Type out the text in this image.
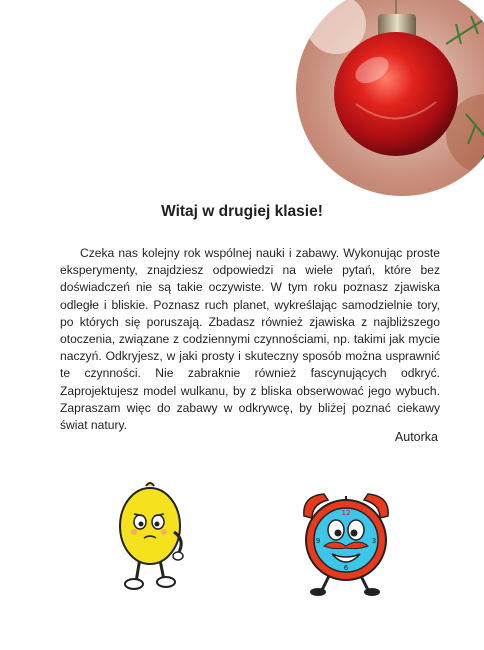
Witaj w drugiej klasie!

Czeka nas kolejny rok wspólnej nauki i zabawy. Wykonując proste eksperymenty, znajdziesz odpowiedzi na wiele pytań, które bez doświadczeń nie są takie oczywiste. W tym roku poznasz zjawiska odległe i bliskie. Poznasz ruch planet, wykreślając samodzielnie tory, po których się poruszają. Zbadasz również zjawiska z najbliższego otoczenia, związane z codziennymi czynnościami, np. takimi jak mycie naczyń. Odkryjesz, w jaki prosty i skuteczny sposób można usprawnić te czynności. Nie zabraknie również fascynujących odkryć. Zaprojektujesz model wulkanu, by z bliska obserwować jego wybuch. Zapraszam więc do zabawy w odkrywcę, by bliżej poznać ciekawy świat natury.

Autorka
12
3
9
6
